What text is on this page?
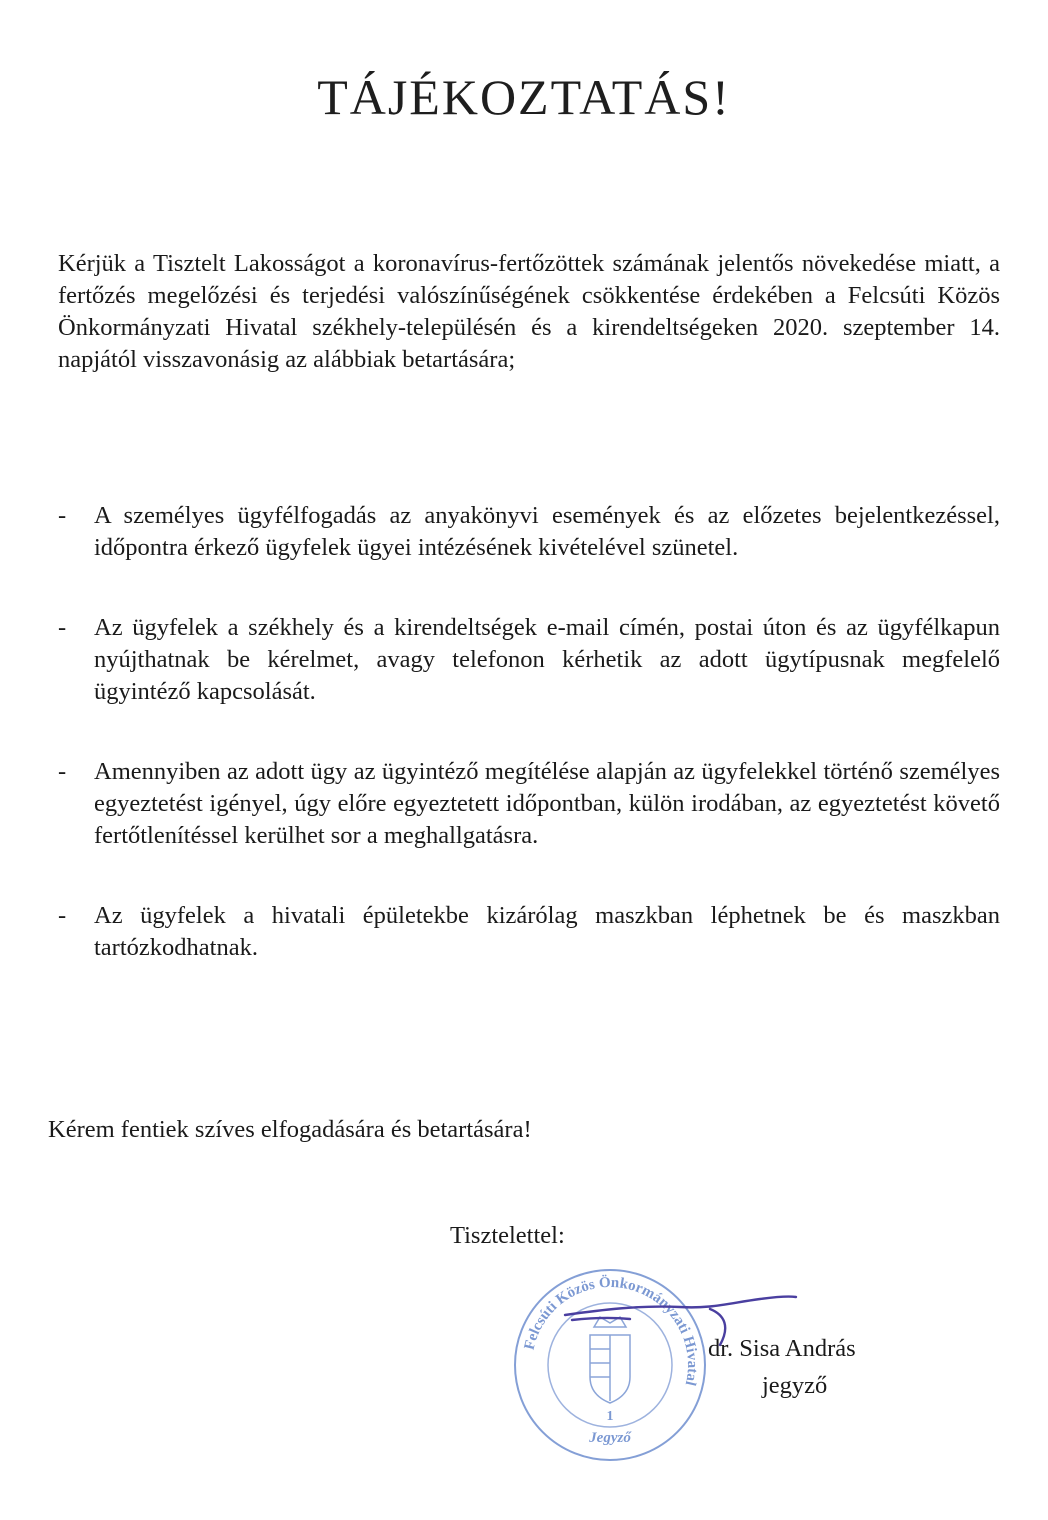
TÁJÉKOZTATÁS!

Kérjük a Tisztelt Lakosságot a koronavírus-fertőzöttek számának jelentős növekedése miatt, a fertőzés megelőzési és terjedési valószínűségének csökkentése érdekében a Felcsúti Közös Önkormányzati Hivatal székhely-településén és a kirendeltségeken 2020. szeptember 14. napjától visszavonásig az alábbiak betartására;

- A személyes ügyfélfogadás az anyakönyvi események és az előzetes bejelentkezéssel, időpontra érkező ügyfelek ügyei intézésének kivételével szünetel.
- Az ügyfelek a székhely és a kirendeltségek e-mail címén, postai úton és az ügyfélkapun nyújthatnak be kérelmet, avagy telefonon kérhetik az adott ügytípusnak megfelelő ügyintéző kapcsolását.
- Amennyiben az adott ügy az ügyintéző megítélése alapján az ügyfelekkel történő személyes egyeztetést igényel, úgy előre egyeztetett időpontban, külön irodában, az egyeztetést követő fertőtlenítéssel kerülhet sor a meghallgatásra.
- Az ügyfelek a hivatali épületekbe kizárólag maszkban léphetnek be és maszkban tartózkodhatnak.

Kérem fentiek szíves elfogadására és betartására!

Tisztelettel:

Felcsúti Közös Önkormányzati Hivatal
1
Jegyző

dr. Sisa András

jegyző
